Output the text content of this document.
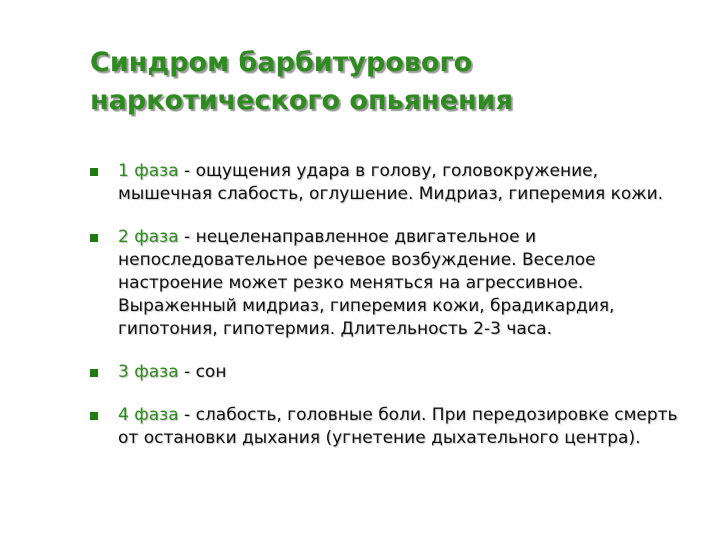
Синдром барбитурового
наркотического опьянения
1 фаза - ощущения удара в голову, головокружение, мышечная слабость, оглушение. Мидриаз, гиперемия кожи.
2 фаза - нецеленаправленное двигательное и непоследовательное речевое возбуждение. Веселое настроение может резко меняться на агрессивное. Выраженный мидриаз, гиперемия кожи, брадикардия, гипотония, гипотермия. Длительность 2-3 часа.
3 фаза - сон
4 фаза - слабость, головные боли. При передозировке смерть от остановки дыхания (угнетение дыхательного центра).
